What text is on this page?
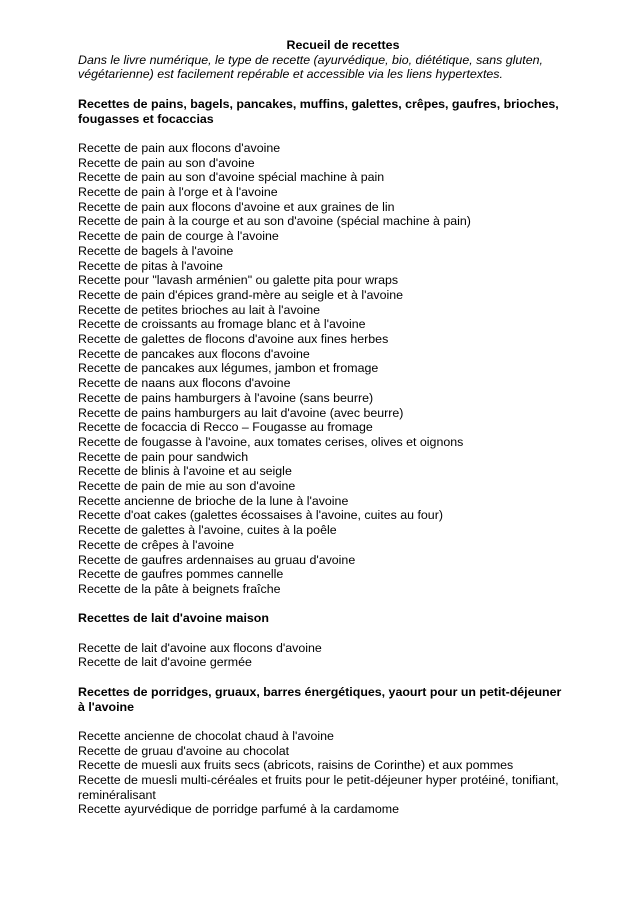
Recueil de recettes

Dans le livre numérique, le type de recette (ayurvédique, bio, diététique, sans gluten, végétarienne) est facilement repérable et accessible via les liens hypertextes.

Recettes de pains, bagels, pancakes, muffins, galettes, crêpes, gaufres, brioches, fougasses et focaccias

Recette de pain aux flocons d'avoine
Recette de pain au son d'avoine
Recette de pain au son d'avoine spécial machine à pain
Recette de pain à l'orge et à l'avoine
Recette de pain aux flocons d'avoine et aux graines de lin
Recette de pain à la courge et au son d'avoine (spécial machine à pain)
Recette de pain de courge à l'avoine
Recette de bagels à l'avoine
Recette de pitas à l'avoine
Recette pour "lavash arménien" ou galette pita pour wraps
Recette de pain d'épices grand-mère au seigle et à l'avoine
Recette de petites brioches au lait à l'avoine
Recette de croissants au fromage blanc et à l'avoine
Recette de galettes de flocons d'avoine aux fines herbes
Recette de pancakes aux flocons d'avoine
Recette de pancakes aux légumes, jambon et fromage
Recette de naans aux flocons d'avoine
Recette de pains hamburgers à l'avoine (sans beurre)
Recette de pains hamburgers au lait d'avoine (avec beurre)
Recette de focaccia di Recco – Fougasse au fromage
Recette de fougasse à l'avoine, aux tomates cerises, olives et oignons
Recette de pain pour sandwich
Recette de blinis à l'avoine et au seigle
Recette de pain de mie au son d'avoine
Recette ancienne de brioche de la lune à l'avoine
Recette d'oat cakes (galettes écossaises à l'avoine, cuites au four)
Recette de galettes à l'avoine, cuites à la poêle
Recette de crêpes à l'avoine
Recette de gaufres ardennaises au gruau d'avoine
Recette de gaufres pommes cannelle
Recette de la pâte à beignets fraîche

Recettes de lait d'avoine maison

Recette de lait d'avoine aux flocons d'avoine
Recette de lait d'avoine germée

Recettes de porridges, gruaux, barres énergétiques, yaourt pour un petit-déjeuner à l'avoine

Recette ancienne de chocolat chaud à l'avoine
Recette de gruau d'avoine au chocolat
Recette de muesli aux fruits secs (abricots, raisins de Corinthe) et aux pommes
Recette de muesli multi-céréales et fruits pour le petit-déjeuner hyper protéiné, tonifiant, reminéralisant
Recette ayurvédique de porridge parfumé à la cardamome
